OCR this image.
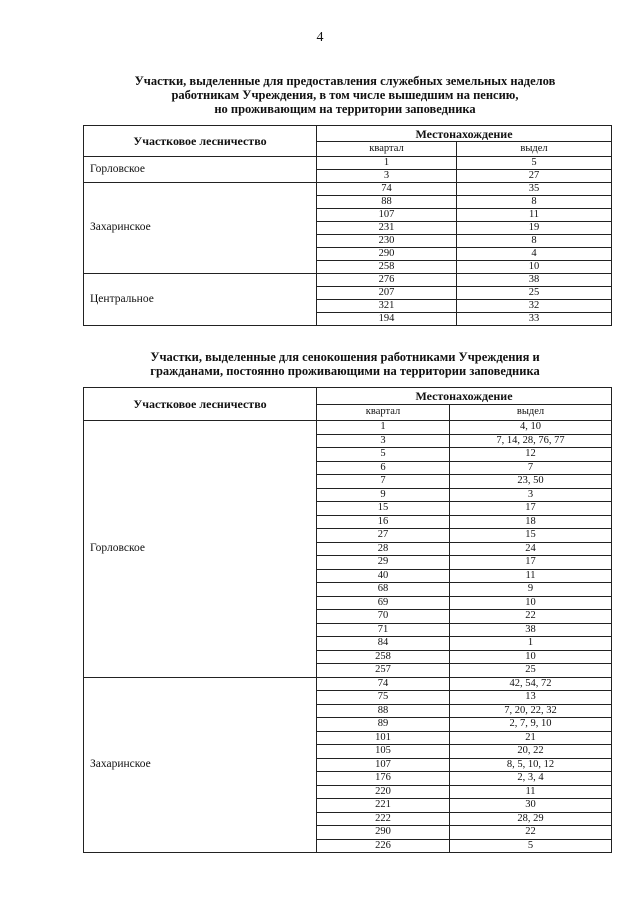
4
Участки, выделенные для предоставления служебных земельных наделов
работникам Учреждения, в том числе вышедшим на пенсию,
но проживающим на территории заповедника
Участковое лесничество	Местонахождение	
	квартал	выдел
Горловское	1	5
	3	27
Захаринское	74	35
	88	8
	107	11
	231	19
	230	8
	290	4
	258	10
Центральное	276	38
	207	25
	321	32
	194	33
Участки, выделенные для сенокошения работниками Учреждения и
гражданами, постоянно проживающими на территории заповедника
Участковое лесничество	Местонахождение	
	квартал	выдел
Горловское	1	4, 10
	3	7, 14, 28, 76, 77
	5	12
	6	7
	7	23, 50
	9	3
	15	17
	16	18
	27	15
	28	24
	29	17
	40	11
	68	9
	69	10
	70	22
	71	38
	84	1
	258	10
	257	25
Захаринское	74	42, 54, 72
	75	13
	88	7, 20, 22, 32
	89	2, 7, 9, 10
	101	21
	105	20, 22
	107	8, 5, 10, 12
	176	2, 3, 4
	220	11
	221	30
	222	28, 29
	290	22
	226	5
